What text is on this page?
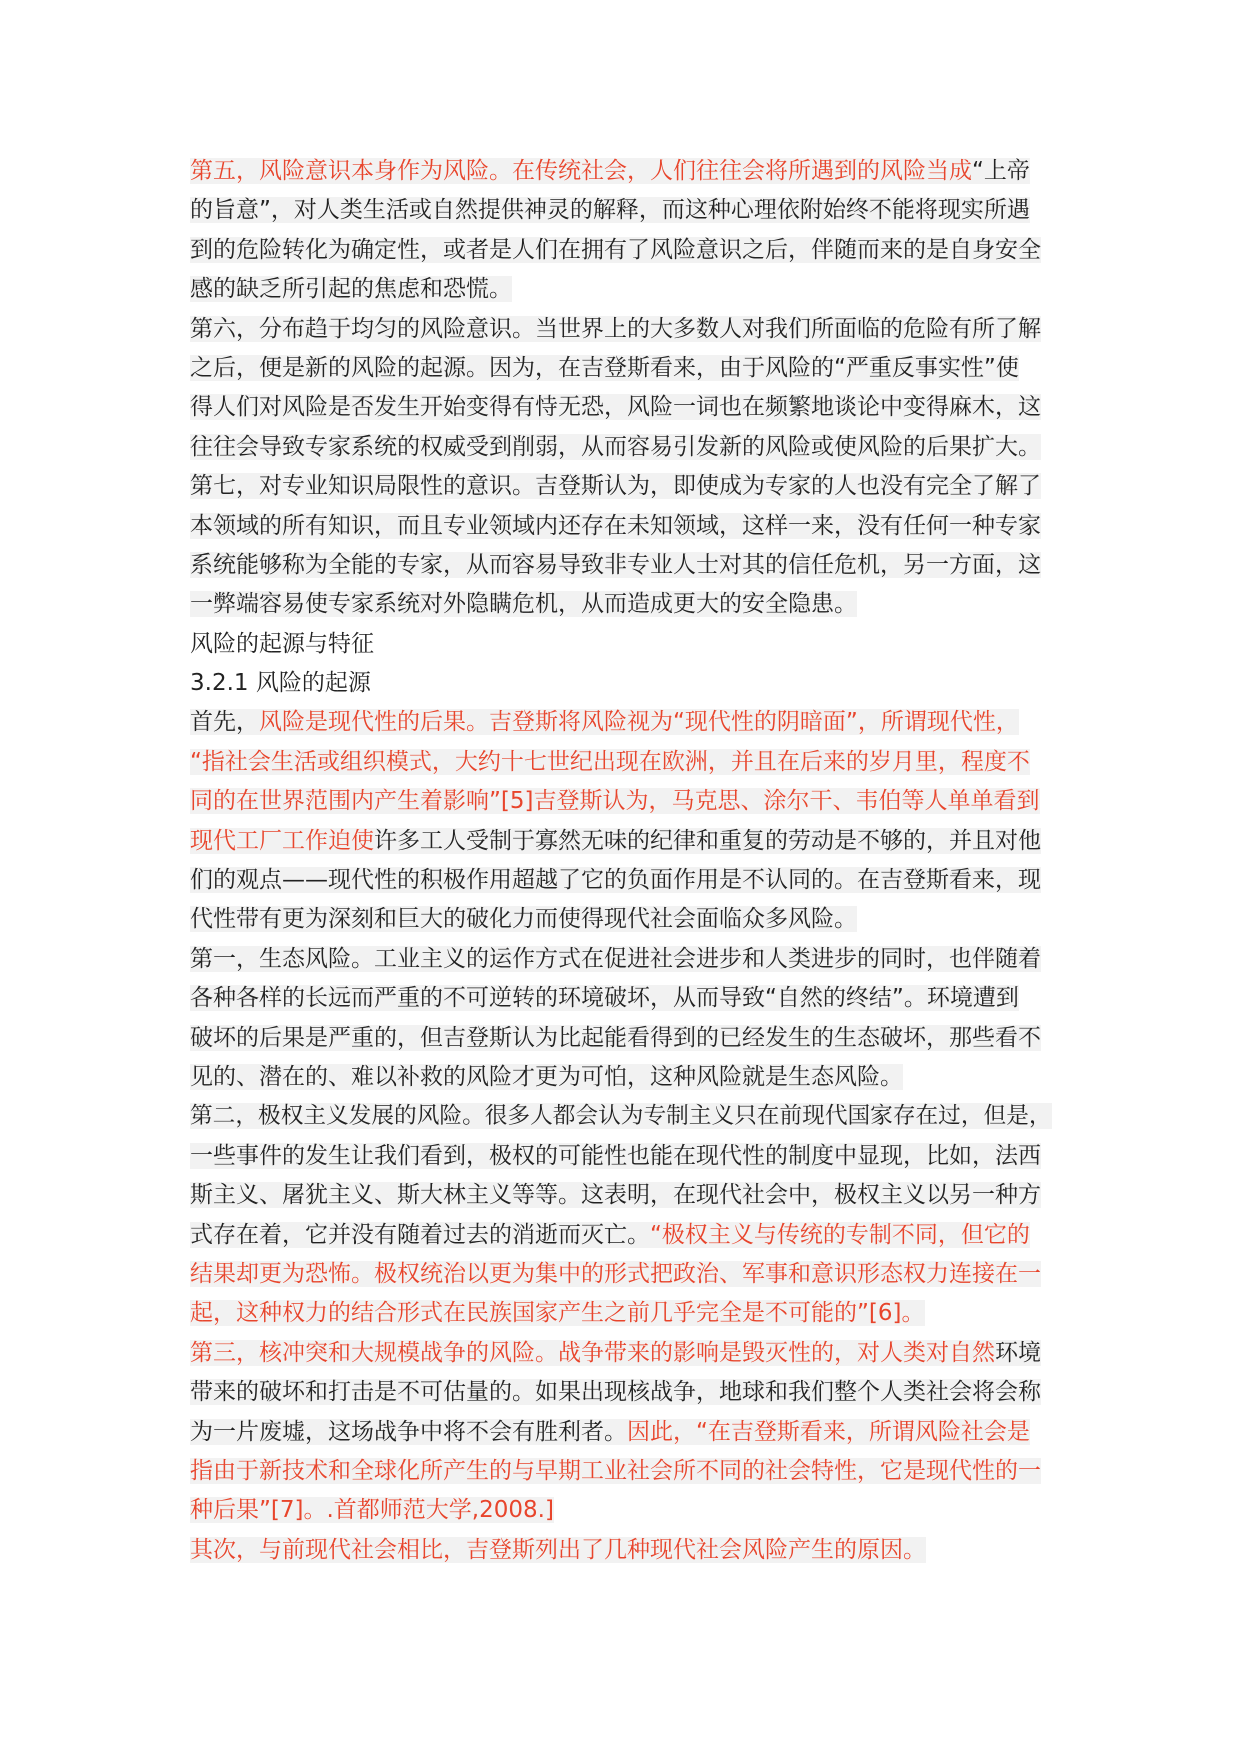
第五，风险意识本身作为风险。在传统社会，人们往往会将所遇到的风险当成“上帝
的旨意”，对人类生活或自然提供神灵的解释，而这种心理依附始终不能将现实所遇
到的危险转化为确定性，或者是人们在拥有了风险意识之后，伴随而来的是自身安全
感的缺乏所引起的焦虑和恐慌。
第六，分布趋于均匀的风险意识。当世界上的大多数人对我们所面临的危险有所了解
之后，便是新的风险的起源。因为，在吉登斯看来，由于风险的“严重反事实性”使
得人们对风险是否发生开始变得有恃无恐，风险一词也在频繁地谈论中变得麻木，这
往往会导致专家系统的权威受到削弱，从而容易引发新的风险或使风险的后果扩大。
第七，对专业知识局限性的意识。吉登斯认为，即使成为专家的人也没有完全了解了
本领域的所有知识，而且专业领域内还存在未知领域，这样一来，没有任何一种专家
系统能够称为全能的专家，从而容易导致非专业人士对其的信任危机，另一方面，这
一弊端容易使专家系统对外隐瞒危机，从而造成更大的安全隐患。
风险的起源与特征
3.2.1 风险的起源
首先，风险是现代性的后果。吉登斯将风险视为“现代性的阴暗面”，所谓现代性，
“指社会生活或组织模式，大约十七世纪出现在欧洲，并且在后来的岁月里，程度不
同的在世界范围内产生着影响”[5]吉登斯认为，马克思、涂尔干、韦伯等人单单看到
现代工厂工作迫使许多工人受制于寡然无味的纪律和重复的劳动是不够的，并且对他
们的观点——现代性的积极作用超越了它的负面作用是不认同的。在吉登斯看来，现
代性带有更为深刻和巨大的破化力而使得现代社会面临众多风险。
第一，生态风险。工业主义的运作方式在促进社会进步和人类进步的同时，也伴随着
各种各样的长远而严重的不可逆转的环境破坏，从而导致“自然的终结”。环境遭到
破坏的后果是严重的，但吉登斯认为比起能看得到的已经发生的生态破坏，那些看不
见的、潜在的、难以补救的风险才更为可怕，这种风险就是生态风险。
第二，极权主义发展的风险。很多人都会认为专制主义只在前现代国家存在过，但是，
一些事件的发生让我们看到，极权的可能性也能在现代性的制度中显现，比如，法西
斯主义、屠犹主义、斯大林主义等等。这表明，在现代社会中，极权主义以另一种方
式存在着，它并没有随着过去的消逝而灭亡。“极权主义与传统的专制不同，但它的
结果却更为恐怖。极权统治以更为集中的形式把政治、军事和意识形态权力连接在一
起，这种权力的结合形式在民族国家产生之前几乎完全是不可能的”[6]。
第三，核冲突和大规模战争的风险。战争带来的影响是毁灭性的，对人类对自然环境
带来的破坏和打击是不可估量的。如果出现核战争，地球和我们整个人类社会将会称
为一片废墟，这场战争中将不会有胜利者。因此，“在吉登斯看来，所谓风险社会是
指由于新技术和全球化所产生的与早期工业社会所不同的社会特性，它是现代性的一
种后果”[7]。.首都师范大学,2008.]
其次，与前现代社会相比，吉登斯列出了几种现代社会风险产生的原因。
